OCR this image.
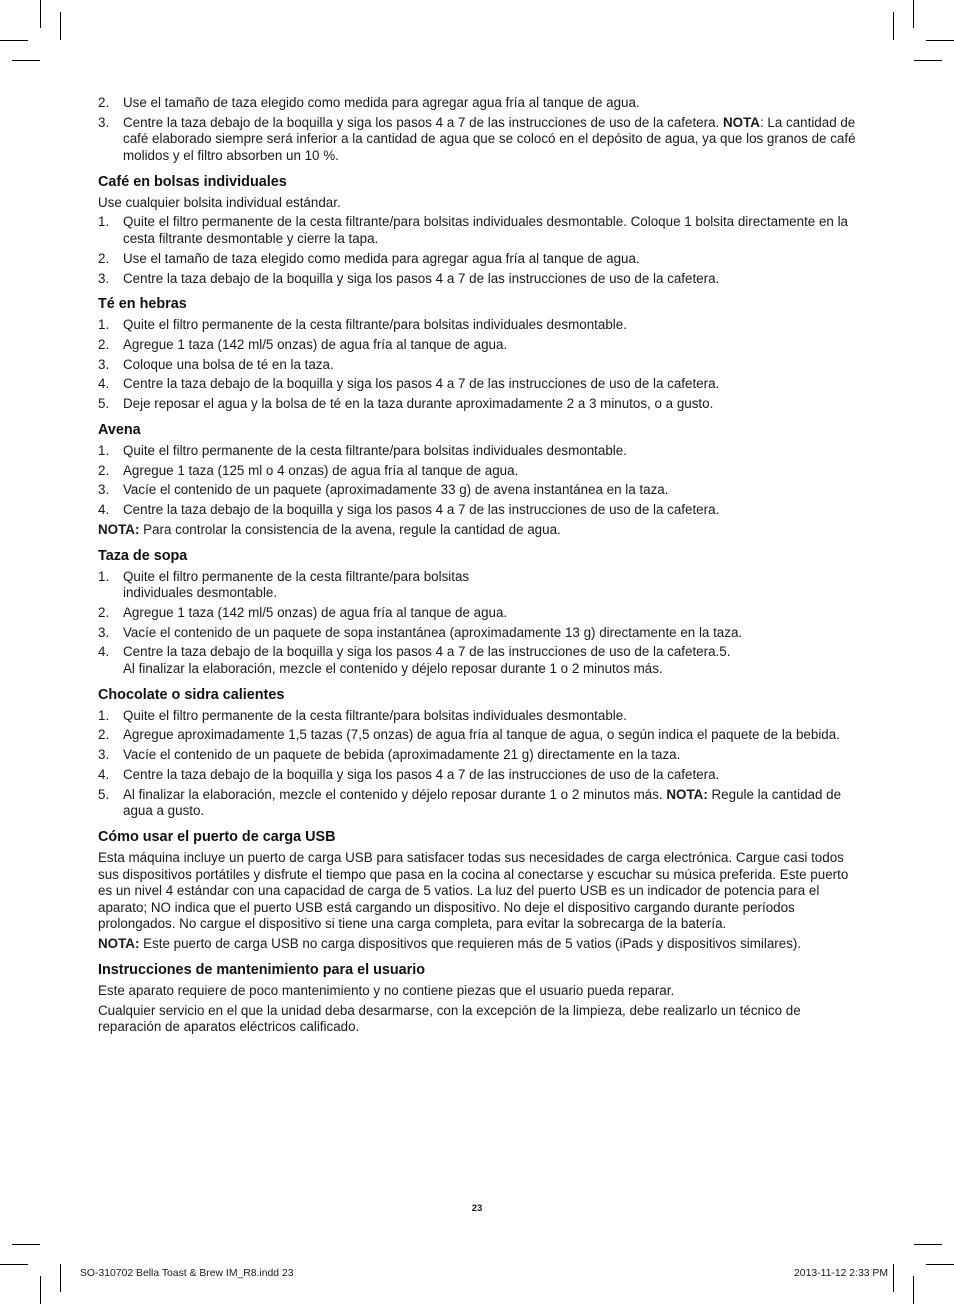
2.	Use el tamaño de taza elegido como medida para agregar agua fría al tanque de agua.
3.	Centre la taza debajo de la boquilla y siga los pasos 4 a 7 de las instrucciones de uso de la cafetera. NOTA: La cantidad de café elaborado siempre será inferior a la cantidad de agua que se colocó en el depósito de agua, ya que los granos de café molidos y el filtro absorben un 10 %.
Café en bolsas individuales

Use cualquier bolsita individual estándar.

1.	Quite el filtro permanente de la cesta filtrante/para bolsitas individuales desmontable. Coloque 1 bolsita directamente en la cesta filtrante desmontable y cierre la tapa.
2.	Use el tamaño de taza elegido como medida para agregar agua fría al tanque de agua.
3.	Centre la taza debajo de la boquilla y siga los pasos 4 a 7 de las instrucciones de uso de la cafetera.
Té en hebras
1.	Quite el filtro permanente de la cesta filtrante/para bolsitas individuales desmontable.
2.	Agregue 1 taza (142 ml/5 onzas) de agua fría al tanque de agua.
3.	Coloque una bolsa de té en la taza.
4.	Centre la taza debajo de la boquilla y siga los pasos 4 a 7 de las instrucciones de uso de la cafetera.
5.	Deje reposar el agua y la bolsa de té en la taza durante aproximadamente 2 a 3 minutos, o a gusto.
Avena
1.	Quite el filtro permanente de la cesta filtrante/para bolsitas individuales desmontable.
2.	Agregue 1 taza (125 ml o 4 onzas) de agua fría al tanque de agua.
3.	Vacíe el contenido de un paquete (aproximadamente 33 g) de avena instantánea en la taza.
4.	Centre la taza debajo de la boquilla y siga los pasos 4 a 7 de las instrucciones de uso de la cafetera.

NOTA: Para controlar la consistencia de la avena, regule la cantidad de agua.

Taza de sopa
1.	Quite el filtro permanente de la cesta filtrante/para bolsitas
individuales desmontable.
2.	Agregue 1 taza (142 ml/5 onzas) de agua fría al tanque de agua.
3.	Vacíe el contenido de un paquete de sopa instantánea (aproximadamente 13 g) directamente en la taza.
4.	Centre la taza debajo de la boquilla y siga los pasos 4 a 7 de las instrucciones de uso de la cafetera.5.
Al finalizar la elaboración, mezcle el contenido y déjelo reposar durante 1 o 2 minutos más.
Chocolate o sidra calientes
1.	Quite el filtro permanente de la cesta filtrante/para bolsitas individuales desmontable.
2.	Agregue aproximadamente 1,5 tazas (7,5 onzas) de agua fría al tanque de agua, o según indica el paquete de la bebida.
3.	Vacíe el contenido de un paquete de bebida (aproximadamente 21 g) directamente en la taza.
4.	Centre la taza debajo de la boquilla y siga los pasos 4 a 7 de las instrucciones de uso de la cafetera.
5.	Al finalizar la elaboración, mezcle el contenido y déjelo reposar durante 1 o 2 minutos más. NOTA: Regule la cantidad de agua a gusto.
Cómo usar el puerto de carga USB

Esta máquina incluye un puerto de carga USB para satisfacer todas sus necesidades de carga electrónica. Cargue casi todos sus dispositivos portátiles y disfrute el tiempo que pasa en la cocina al conectarse y escuchar su música preferida. Este puerto es un nivel 4 estándar con una capacidad de carga de 5 vatios. La luz del puerto USB es un indicador de potencia para el aparato; NO indica que el puerto USB está cargando un dispositivo. No deje el dispositivo cargando durante períodos prolongados. No cargue el dispositivo si tiene una carga completa, para evitar la sobrecarga de la batería.

NOTA: Este puerto de carga USB no carga dispositivos que requieren más de 5 vatios (iPads y dispositivos similares).

Instrucciones de mantenimiento para el usuario

Este aparato requiere de poco mantenimiento y no contiene piezas que el usuario pueda reparar.

Cualquier servicio en el que la unidad deba desarmarse, con la excepción de la limpieza, debe realizarlo un técnico de reparación de aparatos eléctricos calificado.

23
SO-310702 Bella Toast & Brew IM_R8.indd 23	2013-11-12 2:33 PM
